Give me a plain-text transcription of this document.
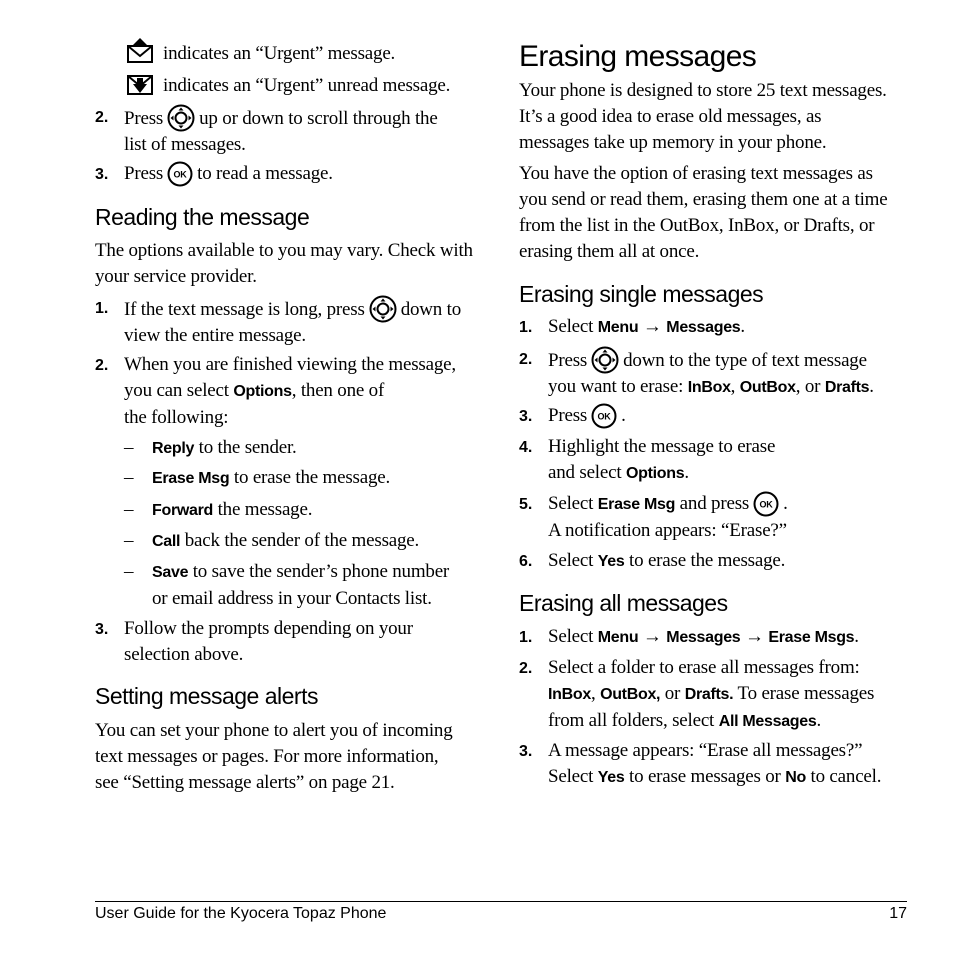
indicates an “Urgent” message.
indicates an “Urgent” unread message.
2. Press up or down to scroll through the
list of messages.
3. Press to read a message.
Reading the message
The options available to you may vary. Check with
your service provider.
1. If the text message is long, press down to
view the entire message.
2. When you are finished viewing the message,
you can select Options, then one of
the following:
– Reply to the sender.
– Erase Msg to erase the message.
– Forward the message.
– Call back the sender of the message.
– Save to save the sender’s phone number
or email address in your Contacts list.
3. Follow the prompts depending on your
selection above.
Setting message alerts
You can set your phone to alert you of incoming
text messages or pages. For more information,
see “Setting message alerts” on page 21.
Erasing messages
Your phone is designed to store 25 text messages.
It’s a good idea to erase old messages, as
messages take up memory in your phone.
You have the option of erasing text messages as
you send or read them, erasing them one at a time
from the list in the OutBox, InBox, or Drafts, or
erasing them all at once.
Erasing single messages
1. Select Menu → Messages.
2. Press down to the type of text message
you want to erase: InBox, OutBox, or Drafts.
3. Press .
4. Highlight the message to erase
and select Options.
5. Select Erase Msg and press .
A notification appears: “Erase?”
6. Select Yes to erase the message.
Erasing all messages
1. Select Menu → Messages → Erase Msgs.
2. Select a folder to erase all messages from:
InBox, OutBox, or Drafts. To erase messages
from all folders, select All Messages.
3. A message appears: “Erase all messages?”
Select Yes to erase messages or No to cancel.
User Guide for the Kyocera Topaz Phone	17
